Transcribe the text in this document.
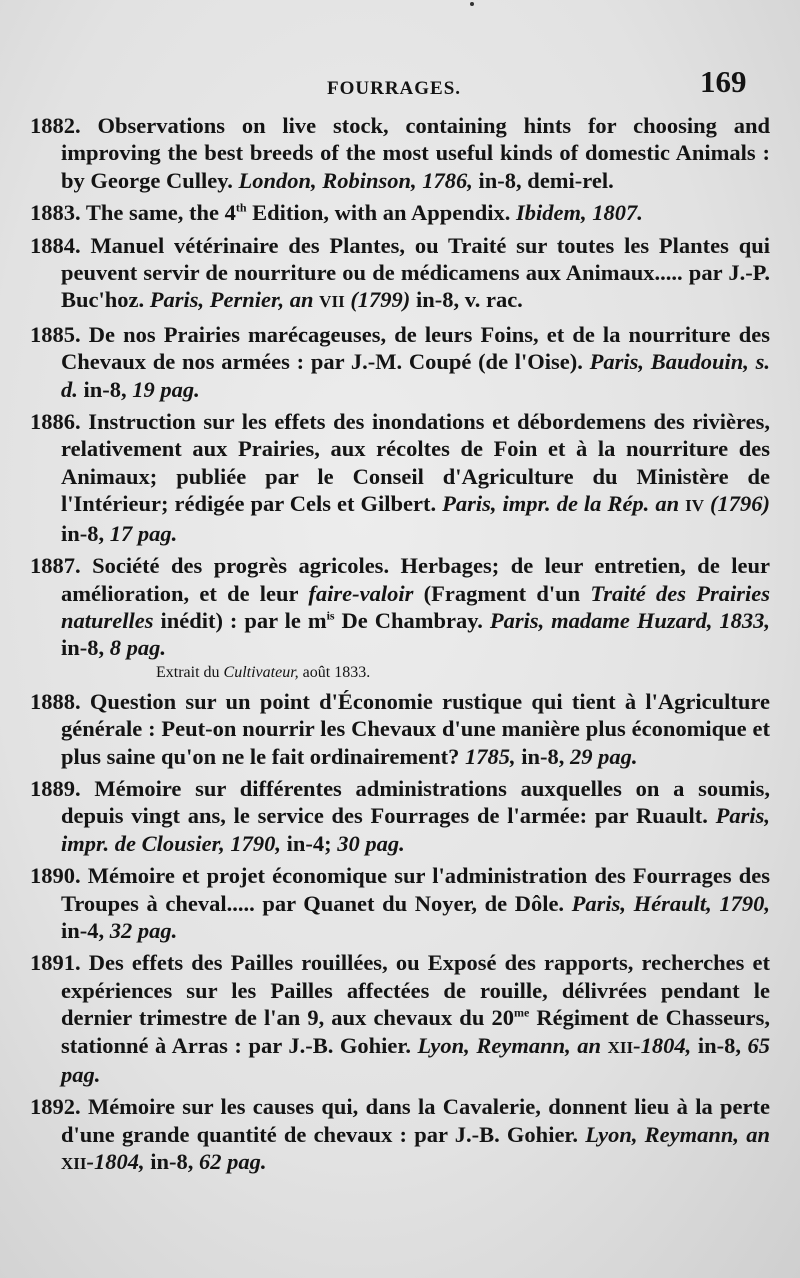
FOURRAGES.	169

1882. Observations on live stock, containing hints for choosing and improving the best breeds of the most useful kinds of domestic Animals : by George Culley. London, Robinson, 1786, in-8, demi-rel.

1883. The same, the 4th Edition, with an Appendix. Ibidem, 1807.

1884. Manuel vétérinaire des Plantes, ou Traité sur toutes les Plantes qui peuvent servir de nourriture ou de médicamens aux Animaux..... par J.-P. Buc'hoz. Paris, Pernier, an VII (1799) in-8, v. rac.

1885. De nos Prairies marécageuses, de leurs Foins, et de la nourriture des Chevaux de nos armées : par J.-M. Coupé (de l'Oise). Paris, Baudouin, s. d. in-8, 19 pag.

1886. Instruction sur les effets des inondations et débordemens des rivières, relativement aux Prairies, aux récoltes de Foin et à la nourriture des Animaux; publiée par le Conseil d'Agriculture du Ministère de l'Intérieur; rédigée par Cels et Gilbert. Paris, impr. de la Rép. an IV (1796) in-8, 17 pag.

1887. Société des progrès agricoles. Herbages; de leur entretien, de leur amélioration, et de leur faire-valoir (Fragment d'un Traité des Prairies naturelles inédit) : par le $m^{is}$ De Chambray. Paris, madame Huzard, 1833, in-8, 8 pag.
Extrait du Cultivateur, août 1833.

1888. Question sur un point d'Économie rustique qui tient à l'Agriculture générale : Peut-on nourrir les Chevaux d'une manière plus économique et plus saine qu'on ne le fait ordinairement? 1785, in-8, 29 pag.

1889. Mémoire sur différentes administrations auxquelles on a soumis, depuis vingt ans, le service des Fourrages de l'armée: par Ruault. Paris, impr. de Clousier, 1790, in-4; 30 pag.

1890. Mémoire et projet économique sur l'administration des Fourrages des Troupes à cheval..... par Quanet du Noyer, de Dôle. Paris, Hérault, 1790, in-4, 32 pag.

1891. Des effets des Pailles rouillées, ou Exposé des rapports, recherches et expériences sur les Pailles affectées de rouille, délivrées pendant le dernier trimestre de l'an 9, aux chevaux du $20^{me}$ Régiment de Chasseurs, stationné à Arras : par J.-B. Gohier. Lyon, Reymann, an XII-1804, in-8, 65 pag.

1892. Mémoire sur les causes qui, dans la Cavalerie, donnent lieu à la perte d'une grande quantité de chevaux : par J.-B. Gohier. Lyon, Reymann, an XII-1804, in-8, 62 pag.
